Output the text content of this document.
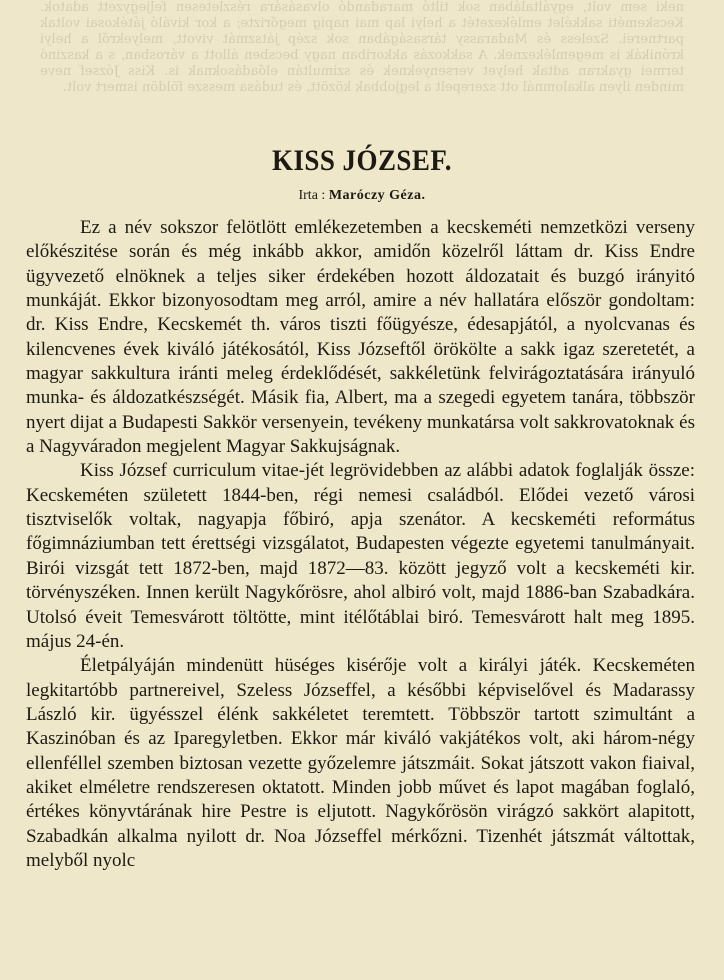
neki sem volt, egyáltalában sok tiltó maradandó olvasására részletesen feljegyzett adatok. Kecskeméti sakkélet emlékezetét a helyi lap mai napig megőrizte; a kor kiváló játékosai voltak partnerei. Szeless és Madarassy társaságában sok szép játszmát vivott, melyekről a helyi krónikák is megemlékeznek. A sakkozás akkoriban nagy becsben állott a városban, s a kaszinó termei gyakran adtak helyet versenyeknek és szimultán előadásoknak is. Kiss József neve minden ilyen alkalomnál ott szerepelt a legjobbak között, és tudása messze földön ismert volt.
KISS JÓZSEF.
Irta : Maróczy Géza.

Ez a név sokszor felötlött emlékezetemben a kecskeméti nemzetközi verseny előkészitése során és még inkább akkor, amidőn közelről láttam dr. Kiss Endre ügyvezető elnöknek a teljes siker érdekében hozott áldozatait és buzgó irányitó munkáját. Ekkor bizonyosodtam meg arról, amire a név hallatára először gondoltam: dr. Kiss Endre, Kecskemét th. város tiszti főügyésze, édesapjától, a nyolcvanas és kilencvenes évek kiváló játékosától, Kiss Józseftől örökölte a sakk igaz szeretetét, a magyar sakkultura iránti meleg érdeklődését, sakkéletünk felvirágoztatására irányuló munka- és áldozatkészségét. Másik fia, Albert, ma a szegedi egyetem tanára, többször nyert dijat a Budapesti Sakkör versenyein, tevékeny munkatársa volt sakkrovatoknak és a Nagyváradon megjelent Magyar Sakkujságnak.

Kiss József curriculum vitae-jét legrövidebben az alábbi adatok foglalják össze: Kecskeméten született 1844-ben, régi nemesi családból. Elődei vezető városi tisztviselők voltak, nagyapja főbiró, apja szenátor. A kecskeméti református főgimnáziumban tett érettségi vizsgálatot, Budapesten végezte egyetemi tanulmányait. Birói vizsgát tett 1872-ben, majd 1872—83. között jegyző volt a kecskeméti kir. törvényszéken. Innen került Nagykőrösre, ahol albiró volt, majd 1886-ban Szabadkára. Utolsó éveit Temesvárott töltötte, mint itélőtáblai biró. Temesvárott halt meg 1895. május 24-én.

Életpályáján mindenütt hüséges kisérője volt a királyi játék. Kecskeméten legkitartóbb partnereivel, Szeless Józseffel, a későbbi képviselővel és Madarassy László kir. ügyésszel élénk sakkéletet teremtett. Többször tartott szimultánt a Kaszinóban és az Iparegyletben. Ekkor már kiváló vakjátékos volt, aki három-négy ellenféllel szemben biztosan vezette győzelemre játszmáit. Sokat játszott vakon fiaival, akiket elméletre rendszeresen oktatott. Minden jobb művet és lapot magában foglaló, értékes könyvtárának hire Pestre is eljutott. Nagykőrösön virágzó sakkört alapitott, Szabadkán alkalma nyilott dr. Noa Józseffel mérkőzni. Tizenhét játszmát váltottak, melyből nyolc
